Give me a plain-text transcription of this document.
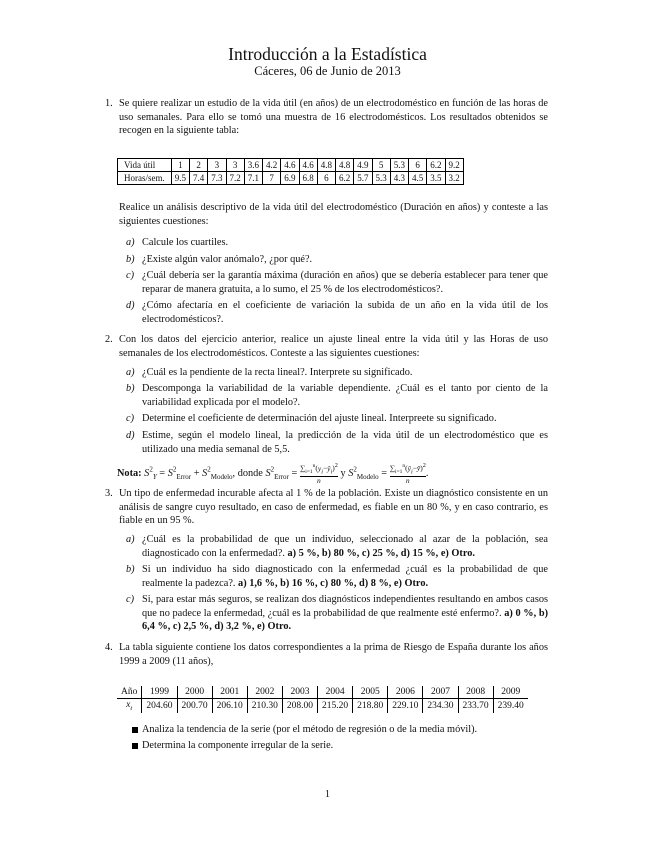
Introducción a la Estadística
Cáceres, 06 de Junio de 2013
1. Se quiere realizar un estudio de la vida útil (en años) de un electrodoméstico en función de las horas de uso semanales. Para ello se tomó una muestra de 16 electrodomésticos. Los resultados obtenidos se recogen en la siguiente tabla:
Vida útil	1	2	3	3	3.6	4.2	4.6	4.6	4.8	4.8	4.9	5	5.3	6	6.2	9.2
Horas/sem.	9.5	7.4	7.3	7.2	7.1	7	6.9	6.8	6	6.2	5.7	5.3	4.3	4.5	3.5	3.2
Realice un análisis descriptivo de la vida útil del electrodoméstico (Duración en años) y conteste a las siguientes cuestiones:
a) Calcule los cuartiles.
b) ¿Existe algún valor anómalo?, ¿por qué?.
c) ¿Cuál debería ser la garantía máxima (duración en años) que se debería establecer para tener que reparar de manera gratuita, a lo sumo, el 25 % de los electrodomésticos?.
d) ¿Cómo afectaría en el coeficiente de variación la subida de un año en la vida útil de los electrodomésticos?.
2. Con los datos del ejercicio anterior, realice un ajuste lineal entre la vida útil y las Horas de uso semanales de los electrodomésticos. Conteste a las siguientes cuestiones:
a) ¿Cuál es la pendiente de la recta lineal?. Interprete su significado.
b) Descomponga la variabilidad de la variable dependiente. ¿Cuál es el tanto por ciento de la variabilidad explicada por el modelo?.
c) Determine el coeficiente de determinación del ajuste lineal. Interpreete su significado.
d) Estime, según el modelo lineal, la predicción de la vida útil de un electrodoméstico que es utilizado una media semanal de 5,5.
Nota: $S^2_Y = S^2_{Error} + S^2_{Modelo}$, donde $S^2_{Error} = \frac{\sum_{i=1}^n(y_i-ŷ_i)^2}{n}$ y $S^2_{Modelo} = \frac{\sum_{i=1}^n(ŷ_i-ȳ)^2}{n}$ .
3. Un tipo de enfermedad incurable afecta al 1 % de la población. Existe un diagnóstico consistente en un análisis de sangre cuyo resultado, en caso de enfermedad, es fiable en un 80 %, y en caso contrario, es fiable en un 95 %.
a) ¿Cuál es la probabilidad de que un individuo, seleccionado al azar de la población, sea diagnosticado con la enfermedad?. a) 5 %, b) 80 %, c) 25 %, d) 15 %, e) Otro.
b) Si un individuo ha sido diagnosticado con la enfermedad ¿cuál es la probabilidad de que realmente la padezca?. a) 1,6 %, b) 16 %, c) 80 %, d) 8 %, e) Otro.
c) Si, para estar más seguros, se realizan dos diagnósticos independientes resultando en ambos casos que no padece la enfermedad, ¿cuál es la probabilidad de que realmente esté enfermo?. a) 0 %, b) 6,4 %, c) 2,5 %, d) 3,2 %, e) Otro.
4. La tabla siguiente contiene los datos correspondientes a la prima de Riesgo de España durante los años 1999 a 2009 (11 años),
Año	1999	2000	2001	2002	2003	2004	2005	2006	2007	2008	2009
$x_t$	204.60	200.70	206.10	210.30	208.00	215.20	218.80	229.10	234.30	233.70	239.40
Analiza la tendencia de la serie (por el método de regresión o de la media móvil).
Determina la componente irregular de la serie.
1
